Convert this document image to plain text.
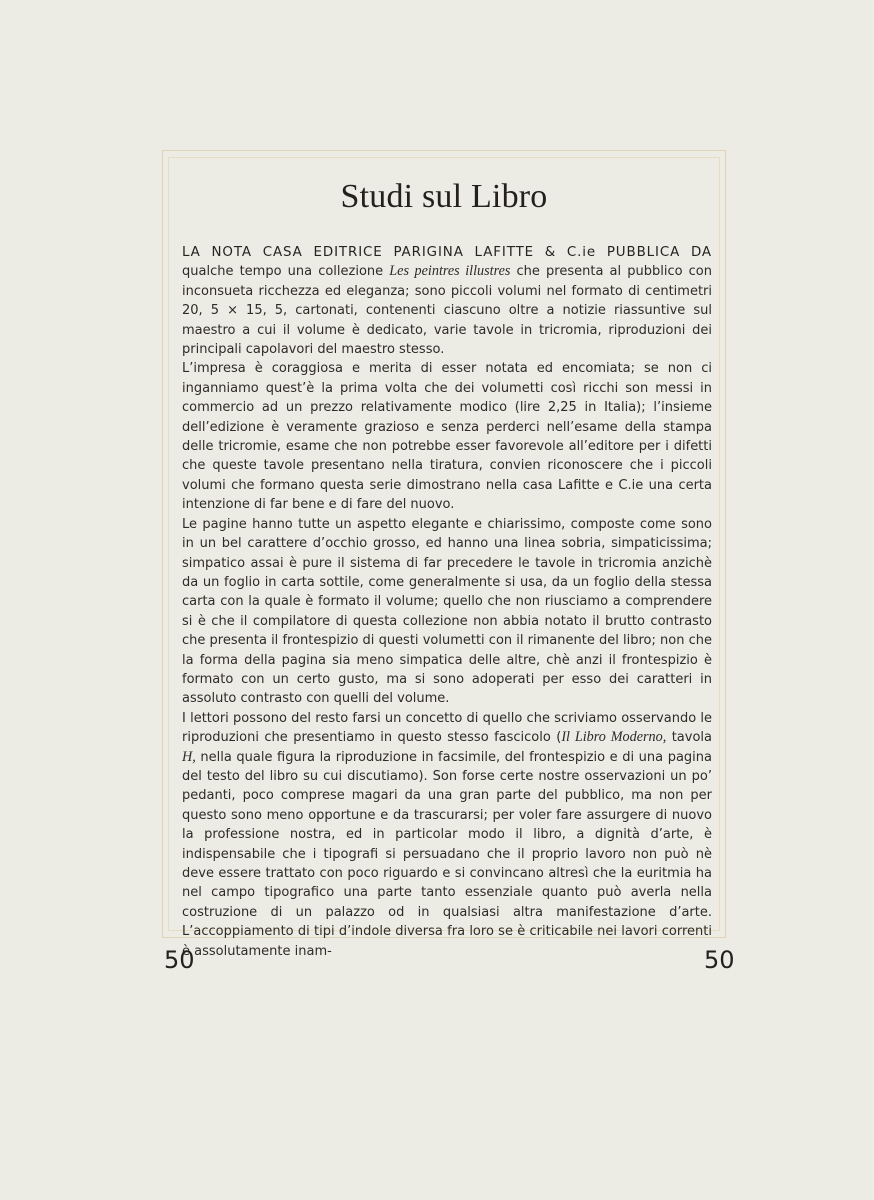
Studi sul Libro

LA NOTA CASA EDITRICE PARIGINA LAFITTE & C.ie PUBBLICA DA qualche tempo una collezione Les peintres illustres che presenta al pubblico con inconsueta ricchezza ed eleganza; sono piccoli volumi nel formato di centimetri 20, 5 × 15, 5, cartonati, contenenti ciascuno oltre a notizie riassuntive sul maestro a cui il volume è dedicato, varie tavole in tricromia, riproduzioni dei principali capolavori del maestro stesso.

L’impresa è coraggiosa e merita di esser notata ed encomiata; se non ci inganniamo quest’è la prima volta che dei volumetti così ricchi son messi in commercio ad un prezzo relativamente modico (lire 2,25 in Italia); l’insieme dell’edizione è veramente grazioso e senza perderci nell’esame della stampa delle tricromie, esame che non potrebbe esser favorevole all’editore per i difetti che queste tavole presentano nella tiratura, convien riconoscere che i piccoli volumi che formano questa serie dimostrano nella casa Lafitte e C.ie una certa intenzione di far bene e di fare del nuovo.

Le pagine hanno tutte un aspetto elegante e chiarissimo, composte come sono in un bel carattere d’occhio grosso, ed hanno una linea sobria, simpaticissima; simpatico assai è pure il sistema di far precedere le tavole in tricromia anzichè da un foglio in carta sottile, come generalmente si usa, da un foglio della stessa carta con la quale è formato il volume; quello che non riusciamo a comprendere si è che il compilatore di questa collezione non abbia notato il brutto contrasto che presenta il frontespizio di questi volumetti con il rimanente del libro; non che la forma della pagina sia meno simpatica delle altre, chè anzi il frontespizio è formato con un certo gusto, ma si sono adoperati per esso dei caratteri in assoluto contrasto con quelli del volume.

I lettori possono del resto farsi un concetto di quello che scriviamo osservando le riproduzioni che presentiamo in questo stesso fascicolo (Il Libro Moderno, tavola H, nella quale figura la riproduzione in facsimile, del frontespizio e di una pagina del testo del libro su cui discutiamo). Son forse certe nostre osservazioni un po’ pedanti, poco comprese magari da una gran parte del pubblico, ma non per questo sono meno opportune e da trascurarsi; per voler fare assurgere di nuovo la professione nostra, ed in particolar modo il libro, a dignità d’arte, è indispensabile che i tipografi si persuadano che il proprio lavoro non può nè deve essere trattato con poco riguardo e si convincano altresì che la euritmia ha nel campo tipografico una parte tanto essenziale quanto può averla nella costruzione di un palazzo od in qualsiasi altra manifestazione d’arte. L’accoppiamento di tipi d’indole diversa fra loro se è criticabile nei lavori correnti è assolutamente inam-

50	50
